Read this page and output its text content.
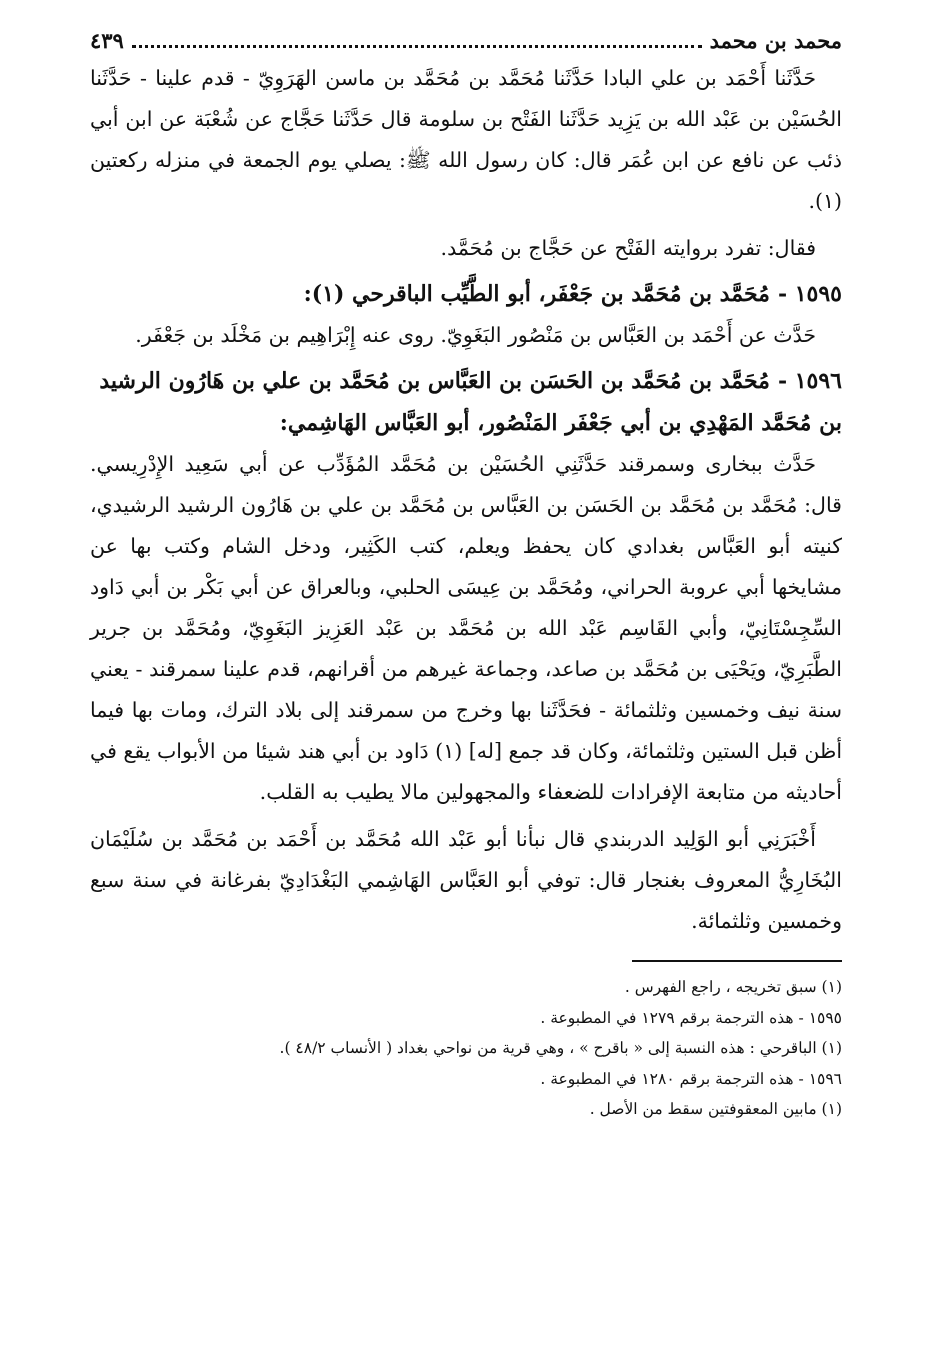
محمد بن محمد
٤٣٩

حَدَّثَنا أَحْمَد بن علي البادا حَدَّثَنا مُحَمَّد بن مُحَمَّد بن ماسن الهَرَوِيّ - قدم علينا - حَدَّثَنا الحُسَيْن بن عَبْد الله بن يَزِيد حَدَّثَنا الفَتْح بن سلومة قال حَدَّثَنا حَجَّاج عن شُعْبَة عن ابن أبي ذئب عن نافع عن ابن عُمَر قال: كان رسول الله ﷺ: يصلي يوم الجمعة في منزله ركعتين (١).

فقال: تفرد بروايته الفَتْح عن حَجَّاج بن مُحَمَّد.

١٥٩٥ -مُحَمَّد بن مُحَمَّد بن جَعْفَر، أبو الطَّيِّب الباقرحي (١):

حَدَّث عن أَحْمَد بن العَبَّاس بن مَنْصُور البَغَوِيّ. روى عنه إِبْرَاهِيم بن مَخْلَد بن جَعْفَر.

١٥٩٦ -مُحَمَّد بن مُحَمَّد بن الحَسَن بن العَبَّاس بن مُحَمَّد بن علي بن هَارُون الرشيد بن مُحَمَّد المَهْدِي بن أبي جَعْفَر المَنْصُور، أبو العَبَّاس الهَاشِمي:

حَدَّث ببخارى وسمرقند حَدَّثَنِي الحُسَيْن بن مُحَمَّد المُؤَدِّب عن أبي سَعِيد الإِدْرِيسي. قال: مُحَمَّد بن مُحَمَّد بن الحَسَن بن العَبَّاس بن مُحَمَّد بن علي بن هَارُون الرشيد الرشيدي، كنيته أبو العَبَّاس بغدادي كان يحفظ ويعلم، كتب الكَثِير، ودخل الشام وكتب بها عن مشايخها أبي عروبة الحراني، ومُحَمَّد بن عِيسَى الحلبي، وبالعراق عن أبي بَكْر بن أبي دَاود السِّجِسْتَانِيّ، وأبي القَاسِم عَبْد الله بن مُحَمَّد بن عَبْد العَزِيز البَغَوِيّ، ومُحَمَّد بن جرير الطَّبَرِيّ، ويَحْيَى بن مُحَمَّد بن صاعد، وجماعة غيرهم من أقرانهم، قدم علينا سمرقند - يعني سنة نيف وخمسين وثلثمائة - فحَدَّثَنا بها وخرج من سمرقند إلى بلاد الترك، ومات بها فيما أظن قبل الستين وثلثمائة، وكان قد جمع [له] (١) دَاود بن أبي هند شيئا من الأبواب يقع في أحاديثه من متابعة الإفرادات للضعفاء والمجهولين مالا يطيب به القلب.

أَخْبَرَنِي أبو الوَلِيد الدربندي قال نبأنا أبو عَبْد الله مُحَمَّد بن أَحْمَد بن مُحَمَّد بن سُلَيْمَان البُخَارِيُّ المعروف بغنجار قال: توفي أبو العَبَّاس الهَاشِمي البَغْدَادِيّ بفرغانة في سنة سبع وخمسين وثلثمائة.

(١) سبق تخريجه ، راجع الفهرس .

١٥٩٥ - هذه الترجمة برقم ١٢٧٩ في المطبوعة .

(١) الباقرحي : هذه النسبة إلى « باقرح » ، وهي قرية من نواحي بغداد ( الأنساب ٤٨/٢ ).

١٥٩٦ - هذه الترجمة برقم ١٢٨٠ في المطبوعة .

(١) مابين المعقوفتين سقط من الأصل .
